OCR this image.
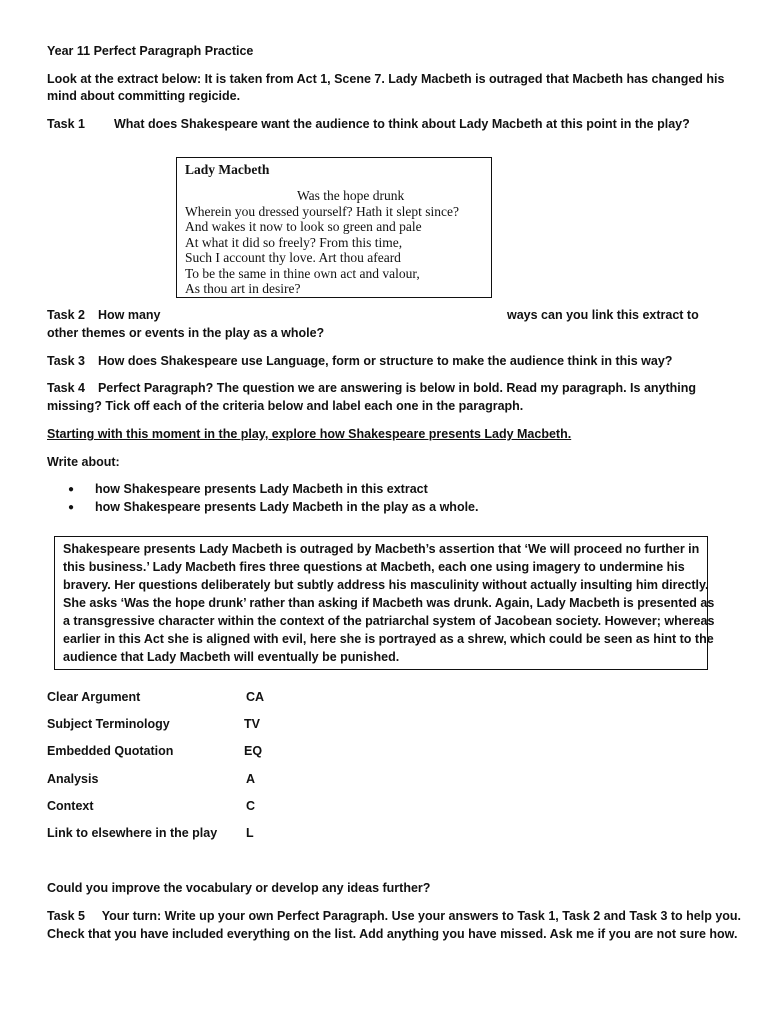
Year 11 Perfect Paragraph Practice
Look at the extract below: It is taken from Act 1, Scene 7. Lady Macbeth is outraged that Macbeth has changed his
mind about committing regicide.
Task 1 What does Shakespeare want the audience to think about Lady Macbeth at this point in the play?
Lady Macbeth
Was the hope drunk
Wherein you dressed yourself? Hath it slept since?
And wakes it now to look so green and pale
At what it did so freely? From this time,
Such I account thy love. Art thou afeard
To be the same in thine own act and valour,
As thou art in desire?
Task 2 How many	ways can you link this extract to
other themes or events in the play as a whole?
Task 3 How does Shakespeare use Language, form or structure to make the audience think in this way?
Task 4 Perfect Paragraph? The question we are answering is below in bold. Read my paragraph. Is anything
missing? Tick off each of the criteria below and label each one in the paragraph.
Starting with this moment in the play, explore how Shakespeare presents Lady Macbeth.
Write about:
● how Shakespeare presents Lady Macbeth in this extract
● how Shakespeare presents Lady Macbeth in the play as a whole.
Shakespeare presents Lady Macbeth is outraged by Macbeth’s assertion that ‘We will proceed no further in
this business.’ Lady Macbeth fires three questions at Macbeth, each one using imagery to undermine his
bravery. Her questions deliberately but subtly address his masculinity without actually insulting him directly.
She asks ‘Was the hope drunk’ rather than asking if Macbeth was drunk. Again, Lady Macbeth is presented as
a transgressive character within the context of the patriarchal system of Jacobean society. However; whereas
earlier in this Act she is aligned with evil, here she is portrayed as a shrew, which could be seen as hint to the
audience that Lady Macbeth will eventually be punished.
Clear Argument	CA
Subject Terminology	TV
Embedded Quotation	EQ
Analysis	A
Context	C
Link to elsewhere in the play L
Could you improve the vocabulary or develop any ideas further?
Task 5 Your turn: Write up your own Perfect Paragraph. Use your answers to Task 1, Task 2 and Task 3 to help you.
Check that you have included everything on the list. Add anything you have missed. Ask me if you are not sure how.
